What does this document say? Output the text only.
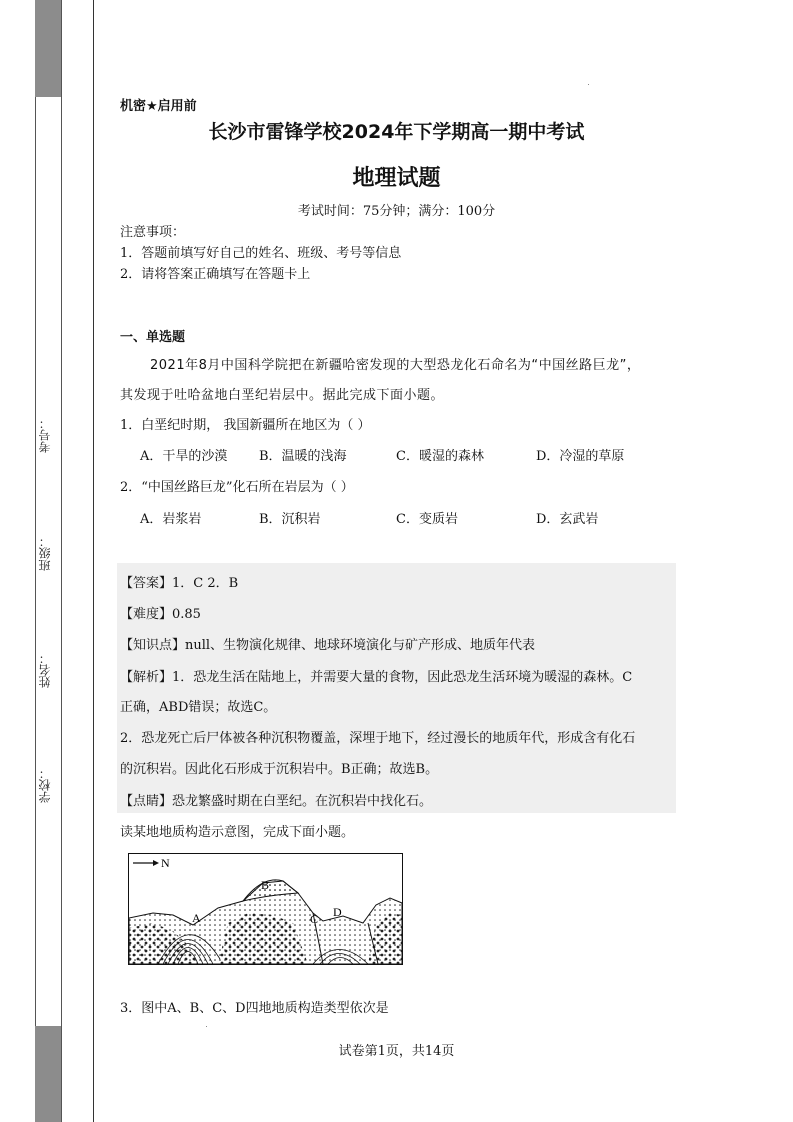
考号：
班级：
姓名：
学校：
机密★启用前
长沙市雷锋学校2024年下学期高一期中考试
地理试题
考试时间：75分钟；满分：100分
注意事项：
1．答题前填写好自己的姓名、班级、考号等信息
2．请将答案正确填写在答题卡上
一、单选题

2021年8月中国科学院把在新疆哈密发现的大型恐龙化石命名为“中国丝路巨龙”，

其发现于吐哈盆地白垩纪岩层中。据此完成下面小题。

1．白垩纪时期， 我国新疆所在地区为（ ）
A．干旱的沙漠 B．温暖的浅海	C．暖湿的森林	D．冷湿的草原
2．“中国丝路巨龙”化石所在岩层为（ ）
A．岩浆岩	B．沉积岩	C．变质岩	D．玄武岩
【答案】1．C 2．B
【难度】0.85
【知识点】null、生物演化规律、地球环境演化与矿产形成、地质年代表
【解析】1．恐龙生活在陆地上，并需要大量的食物，因此恐龙生活环境为暖湿的森林。C
正确，ABD错误；故选C。
2．恐龙死亡后尸体被各种沉积物覆盖，深埋于地下，经过漫长的地质年代，形成含有化石
的沉积岩。因此化石形成于沉积岩中。B正确；故选B。
【点睛】恐龙繁盛时期在白垩纪。在沉积岩中找化石。
读某地地质构造示意图，完成下面小题。
N
A
B
C D
3．图中A、B、C、D四地地质构造类型依次是
试卷第1页，共14页
